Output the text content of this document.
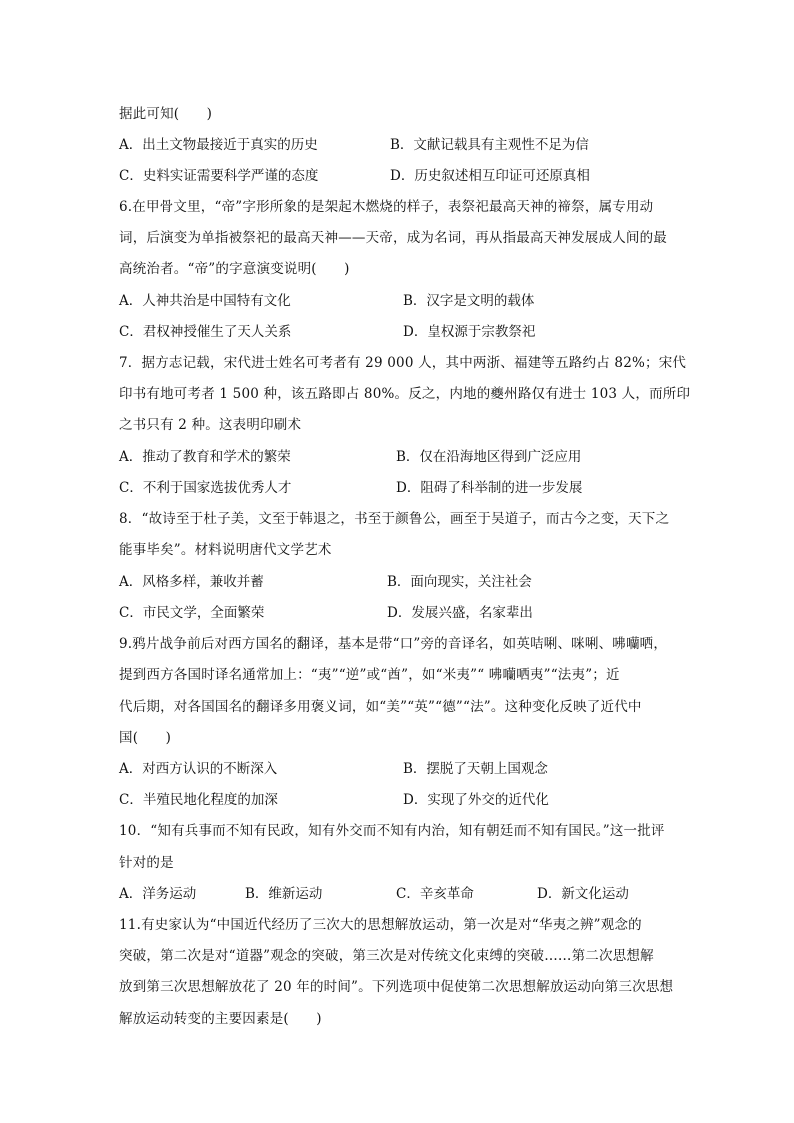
据此可知(　　)
A．出土文物最接近于真实的历史	B．文献记载具有主观性不足为信
C．史料实证需要科学严谨的态度	D．历史叙述相互印证可还原真相
6.在甲骨文里，“帝”字形所象的是架起木燃烧的样子，表祭祀最高天神的禘祭，属专用动
词，后演变为单指被祭祀的最高天神——天帝，成为名词，再从指最高天神发展成人间的最
高统治者。“帝”的字意演变说明(　　)
A．人神共治是中国特有文化	B．汉字是文明的载体
C．君权神授催生了天人关系	D．皇权源于宗教祭祀
7．据方志记载，宋代进士姓名可考者有 29 000 人，其中两浙、福建等五路约占 82%；宋代
印书有地可考者 1 500 种，该五路即占 80%。反之，内地的夔州路仅有进士 103 人，而所印
之书只有 2 种。这表明印刷术
A．推动了教育和学术的繁荣	B．仅在沿海地区得到广泛应用
C．不利于国家选拔优秀人才	D．阻碍了科举制的进一步发展
8．“故诗至于杜子美，文至于韩退之，书至于颜鲁公，画至于吴道子，而古今之变，天下之
能事毕矣”。材料说明唐代文学艺术
A．风格多样，兼收并蓄	B．面向现实，关注社会
C．市民文学，全面繁荣	D．发展兴盛，名家辈出
9.鸦片战争前后对西方国名的翻译，基本是带“口”旁的音译名，如英咭唎、咪唎、咈囒哂，
提到西方各国时译名通常加上：“夷”“逆”或“酋”，如“米夷”“ 咈囒哂夷”“法夷”；近
代后期，对各国国名的翻译多用褒义词，如“美”“英”“德”“法”。这种变化反映了近代中
国(　　)
A．对西方认识的不断深入	B．摆脱了天朝上国观念
C．半殖民地化程度的加深	D．实现了外交的近代化
10．“知有兵事而不知有民政，知有外交而不知有内治，知有朝廷而不知有国民。”这一批评
针对的是
A．洋务运动	B．维新运动	C．辛亥革命	D．新文化运动
11.有史家认为“中国近代经历了三次大的思想解放运动，第一次是对“华夷之辨”观念的
突破，第二次是对“道器”观念的突破，第三次是对传统文化束缚的突破……第二次思想解
放到第三次思想解放花了 20 年的时间”。下列选项中促使第二次思想解放运动向第三次思想
解放运动转变的主要因素是(　　)
